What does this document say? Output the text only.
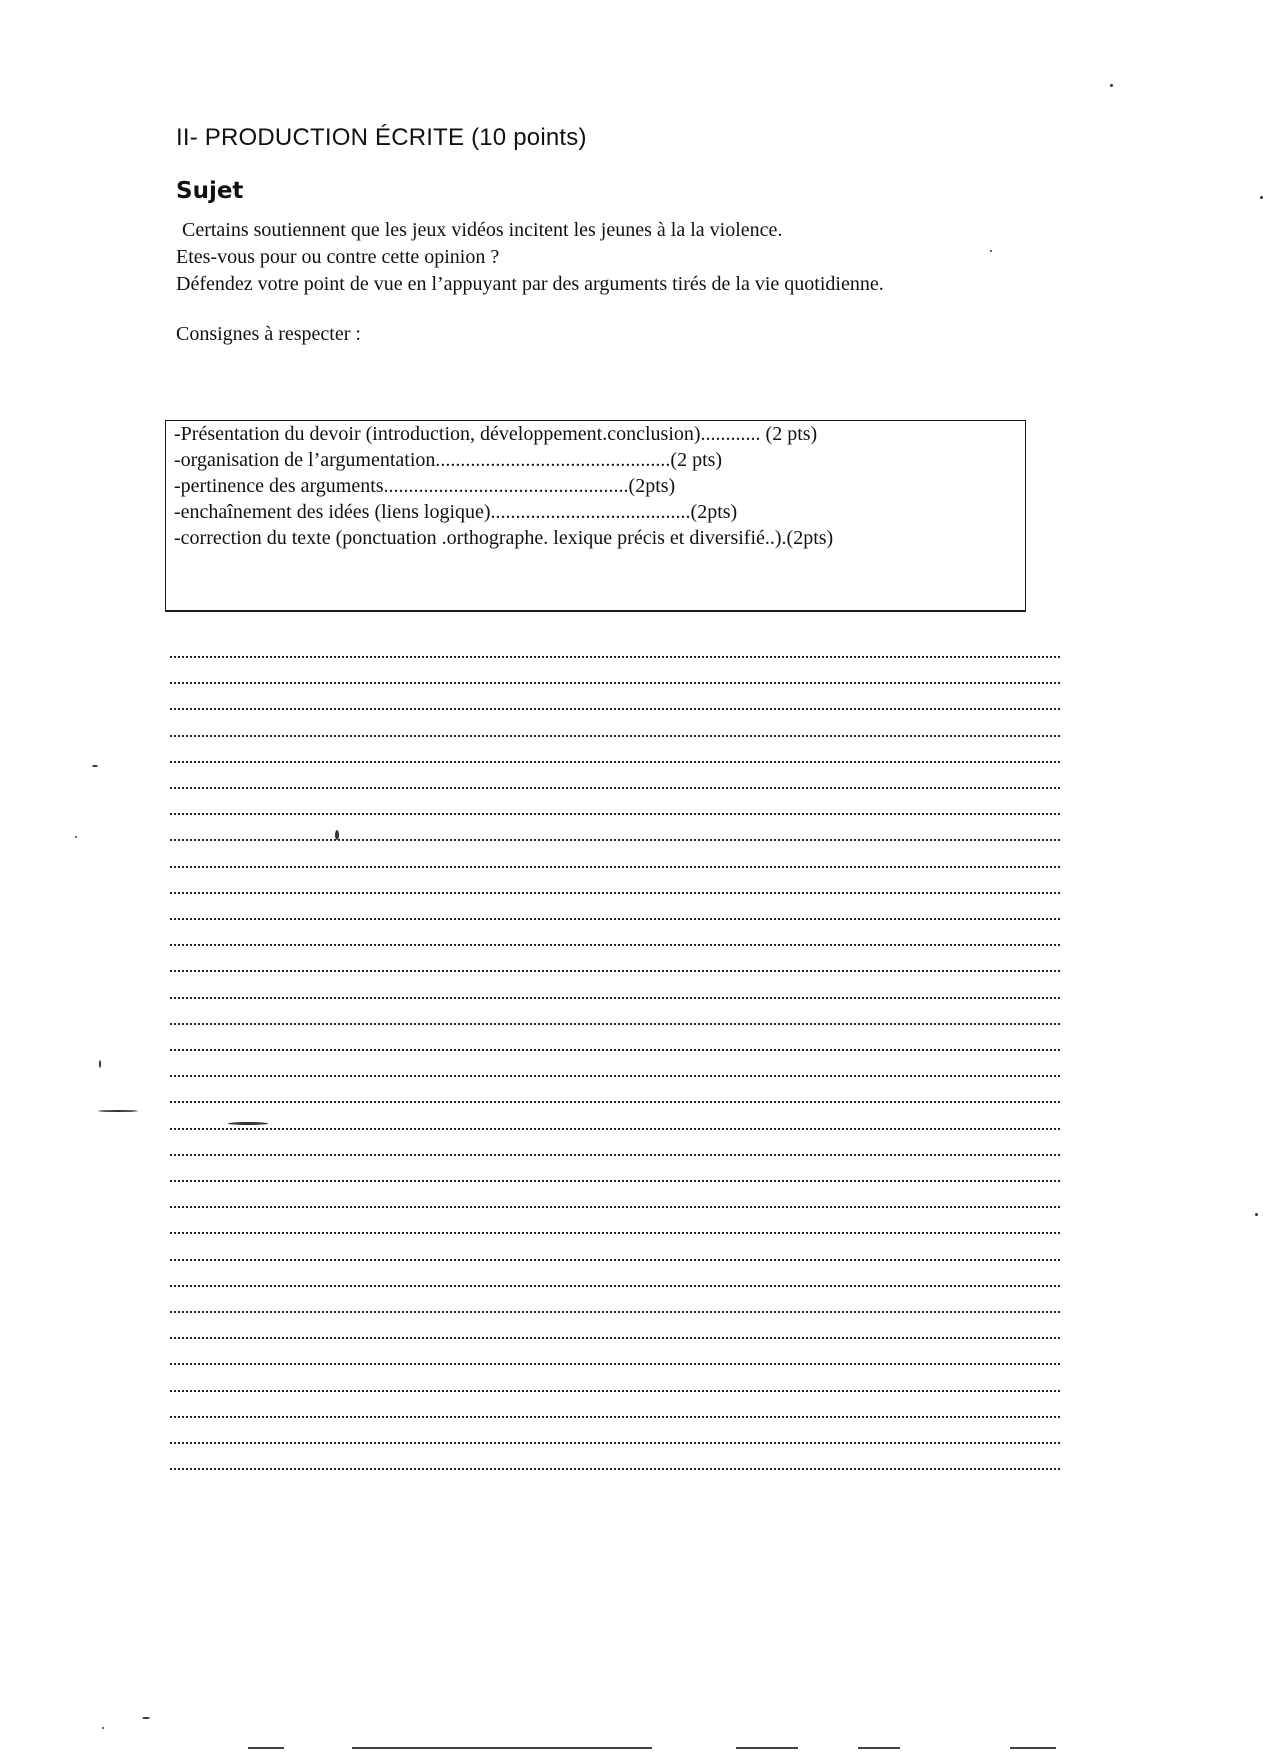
II- PRODUCTION ÉCRITE (10 points)
Sujet
Certains soutiennent que les jeux vidéos incitent les jeunes à la la violence.
Etes-vous pour ou contre cette opinion ?
Défendez votre point de vue en l’appuyant par des arguments tirés de la vie quotidienne.
Consignes à respecter :
-Présentation du devoir (introduction, développement.conclusion)............ (2 pts)
-organisation de l’argumentation...............................................(2 pts)
-pertinence des arguments.................................................(2pts)
-enchaînement des idées (liens logique)........................................(2pts)
-correction du texte (ponctuation .orthographe. lexique précis et diversifié..).(2pts)
